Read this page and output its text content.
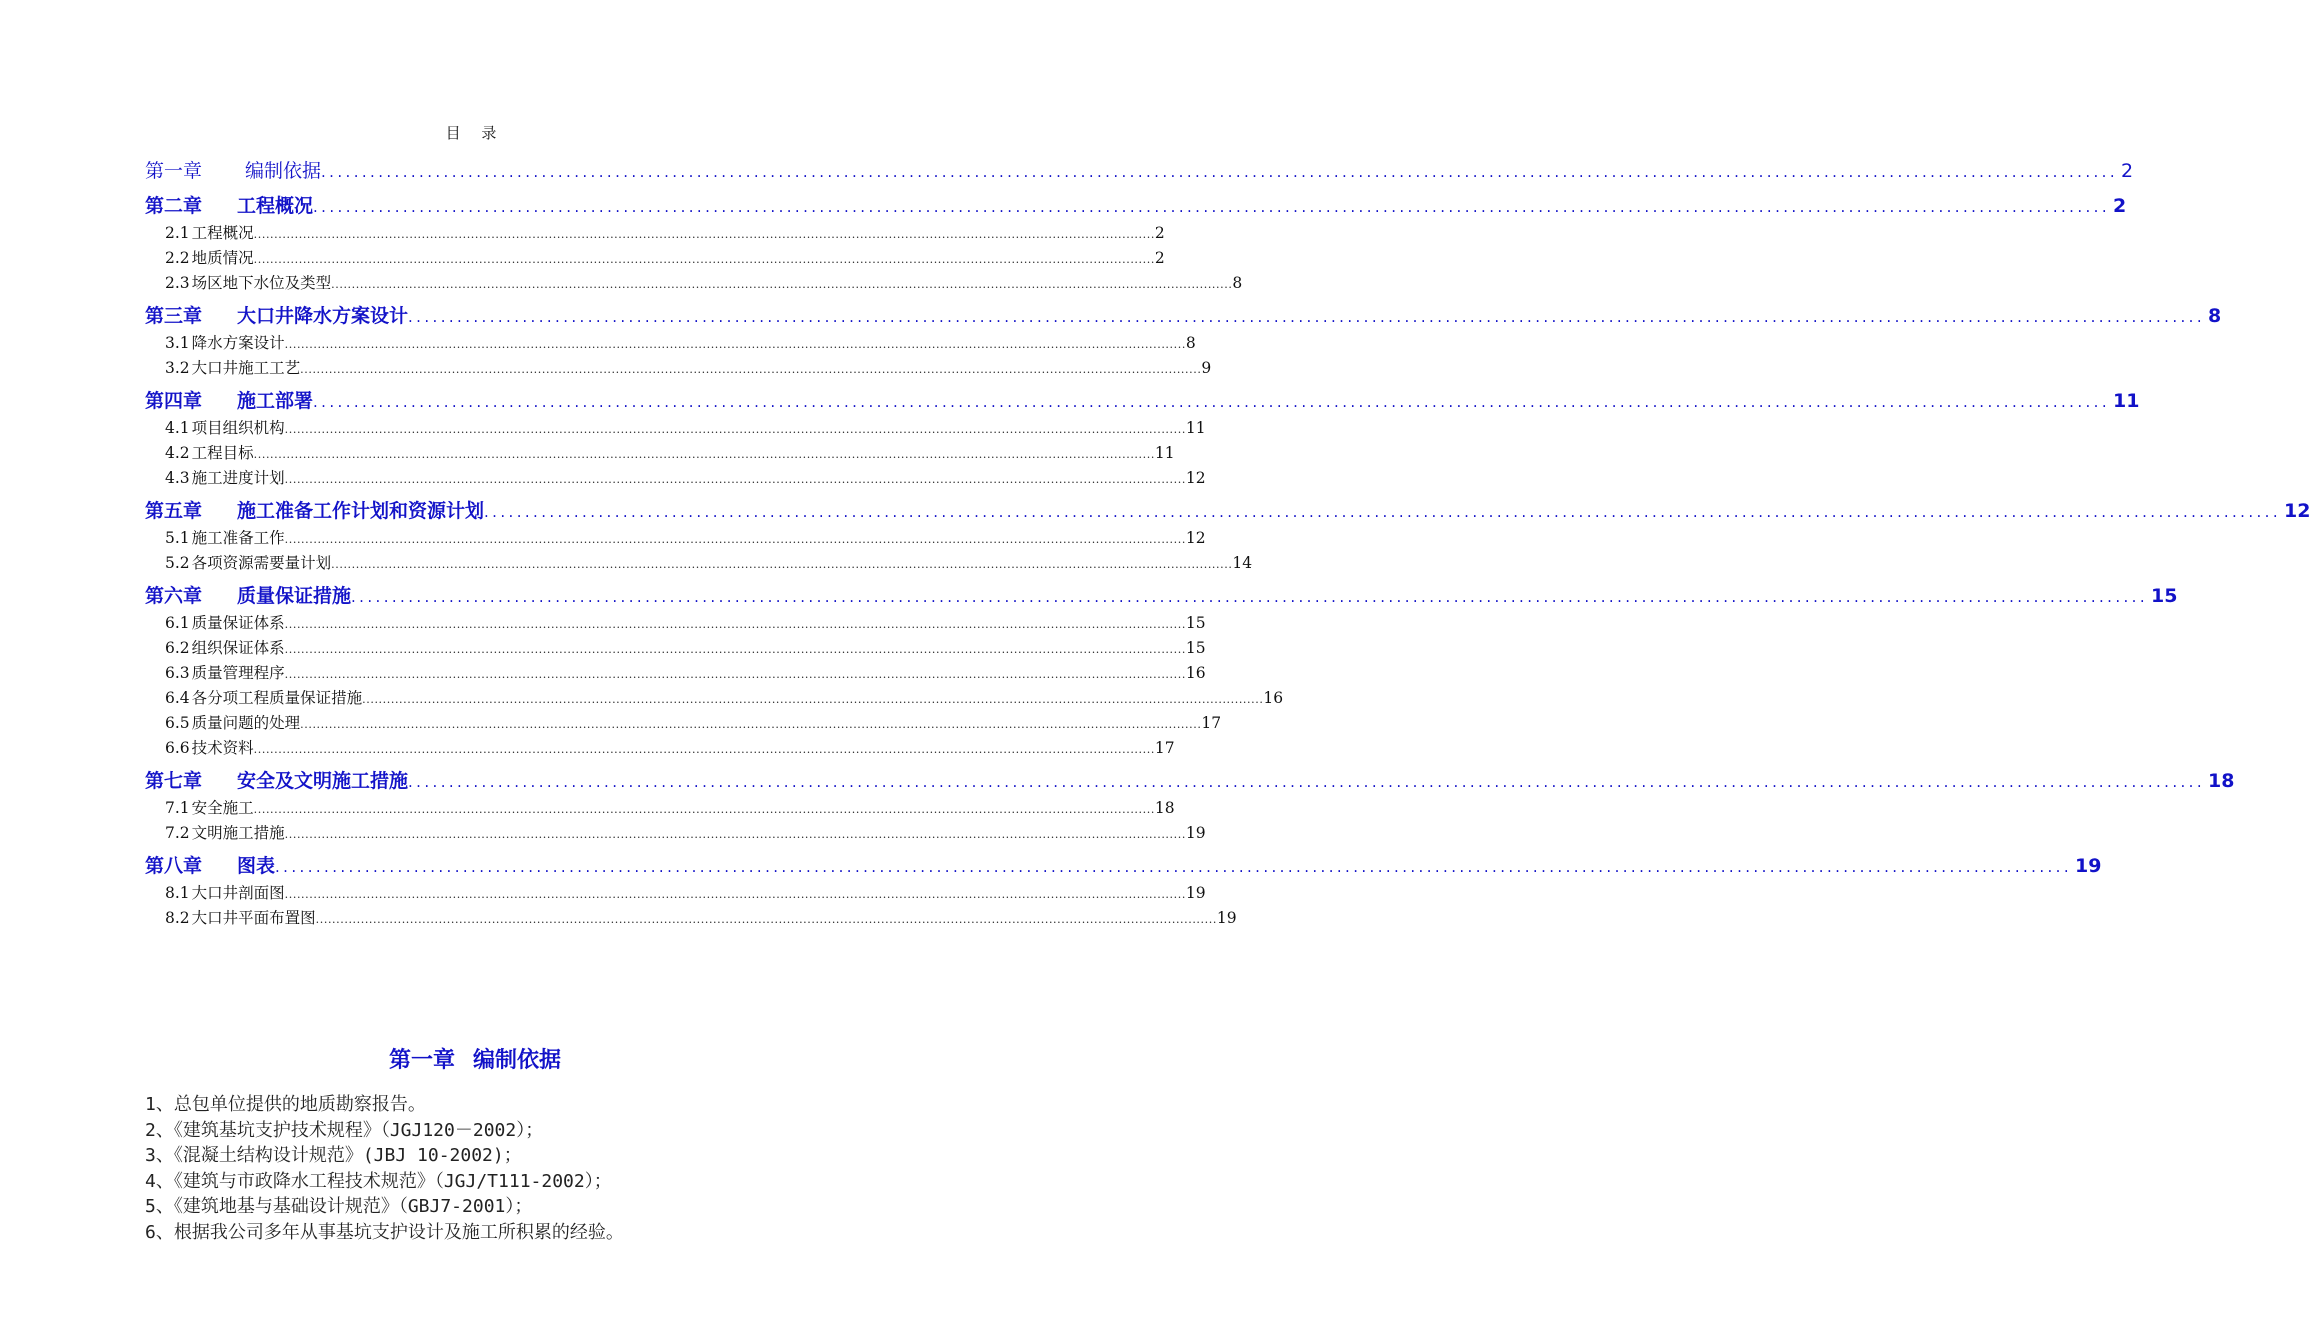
目 录
第一章	编制依据 ............................................................................................................................................................................................................................ 2
第二章	工程概况 ............................................................................................................................................................................................................................ 2
2.1 工程概况 ............................................................................................................................................................................................................................ 2
2.2 地质情况 ............................................................................................................................................................................................................................ 2
2.3 场区地下水位及类型 ............................................................................................................................................................................................................................ 8
第三章	大口井降水方案设计 ............................................................................................................................................................................................................................ 8
3.1 降水方案设计 ............................................................................................................................................................................................................................ 8
3.2 大口井施工工艺 ............................................................................................................................................................................................................................ 9
第四章	施工部署 ............................................................................................................................................................................................................................ 11
4.1 项目组织机构 ............................................................................................................................................................................................................................ 11
4.2 工程目标 ............................................................................................................................................................................................................................ 11
4.3 施工进度计划 ............................................................................................................................................................................................................................ 12
第五章	施工准备工作计划和资源计划 ............................................................................................................................................................................................................................ 12
5.1 施工准备工作 ............................................................................................................................................................................................................................ 12
5.2 各项资源需要量计划 ............................................................................................................................................................................................................................ 14
第六章	质量保证措施 ............................................................................................................................................................................................................................ 15
6.1 质量保证体系 ............................................................................................................................................................................................................................ 15
6.2 组织保证体系 ............................................................................................................................................................................................................................ 15
6.3 质量管理程序 ............................................................................................................................................................................................................................ 16
6.4 各分项工程质量保证措施 ............................................................................................................................................................................................................................ 16
6.5 质量问题的处理 ............................................................................................................................................................................................................................ 17
6.6 技术资料 ............................................................................................................................................................................................................................ 17
第七章	安全及文明施工措施 ............................................................................................................................................................................................................................ 18
7.1 安全施工 ............................................................................................................................................................................................................................ 18
7.2 文明施工措施 ............................................................................................................................................................................................................................ 19
第八章	图表 ............................................................................................................................................................................................................................ 19
8.1 大口井剖面图 ............................................................................................................................................................................................................................ 19
8.2 大口井平面布置图 ............................................................................................................................................................................................................................ 19
第一章 编制依据
1、总包单位提供的地质勘察报告。
2、《建筑基坑支护技术规程》（JGJ120－2002）；
3、《混凝土结构设计规范》(JBJ 10-2002)；
4、《建筑与市政降水工程技术规范》（JGJ/T111-2002）；
5、《建筑地基与基础设计规范》（GBJ7-2001）；
6、根据我公司多年从事基坑支护设计及施工所积累的经验。
